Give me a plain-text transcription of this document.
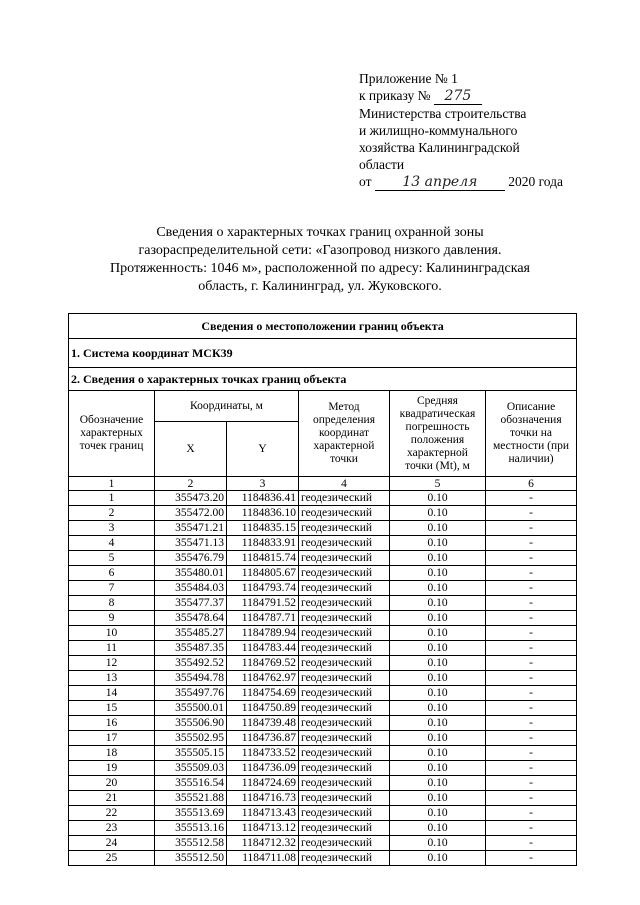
Приложение № 1
к приказу № 275
Министерства строительства
и жилищно-коммунального
хозяйства Калининградской
области
от 13 апреля 2020 года
Сведения о характерных точках границ охранной зоны
газораспределительной сети: «Газопровод низкого давления.
Протяженность: 1046 м», расположенной по адресу: Калининградская
область, г. Калининград, ул. Жуковского.
Сведения о местоположении границ объекта					
1. Система координат МСК39					
2. Сведения о характерных точках границ объекта					
Обозначение характерных точек границ	Координаты, м		Метод определения координат характерной точки	Средняя квадратическая погрешность положения характерной точки (Mt), м	Описание обозначения точки на местности (при наличии)
	X	Y			
1	2	3	4	5	6
1	355473.20	1184836.41	геодезический	0.10	-
2	355472.00	1184836.10	геодезический	0.10	-
3	355471.21	1184835.15	геодезический	0.10	-
4	355471.13	1184833.91	геодезический	0.10	-
5	355476.79	1184815.74	геодезический	0.10	-
6	355480.01	1184805.67	геодезический	0.10	-
7	355484.03	1184793.74	геодезический	0.10	-
8	355477.37	1184791.52	геодезический	0.10	-
9	355478.64	1184787.71	геодезический	0.10	-
10	355485.27	1184789.94	геодезический	0.10	-
11	355487.35	1184783.44	геодезический	0.10	-
12	355492.52	1184769.52	геодезический	0.10	-
13	355494.78	1184762.97	геодезический	0.10	-
14	355497.76	1184754.69	геодезический	0.10	-
15	355500.01	1184750.89	геодезический	0.10	-
16	355506.90	1184739.48	геодезический	0.10	-
17	355502.95	1184736.87	геодезический	0.10	-
18	355505.15	1184733.52	геодезический	0.10	-
19	355509.03	1184736.09	геодезический	0.10	-
20	355516.54	1184724.69	геодезический	0.10	-
21	355521.88	1184716.73	геодезический	0.10	-
22	355513.69	1184713.43	геодезический	0.10	-
23	355513.16	1184713.12	геодезический	0.10	-
24	355512.58	1184712.32	геодезический	0.10	-
25	355512.50	1184711.08	геодезический	0.10	-
